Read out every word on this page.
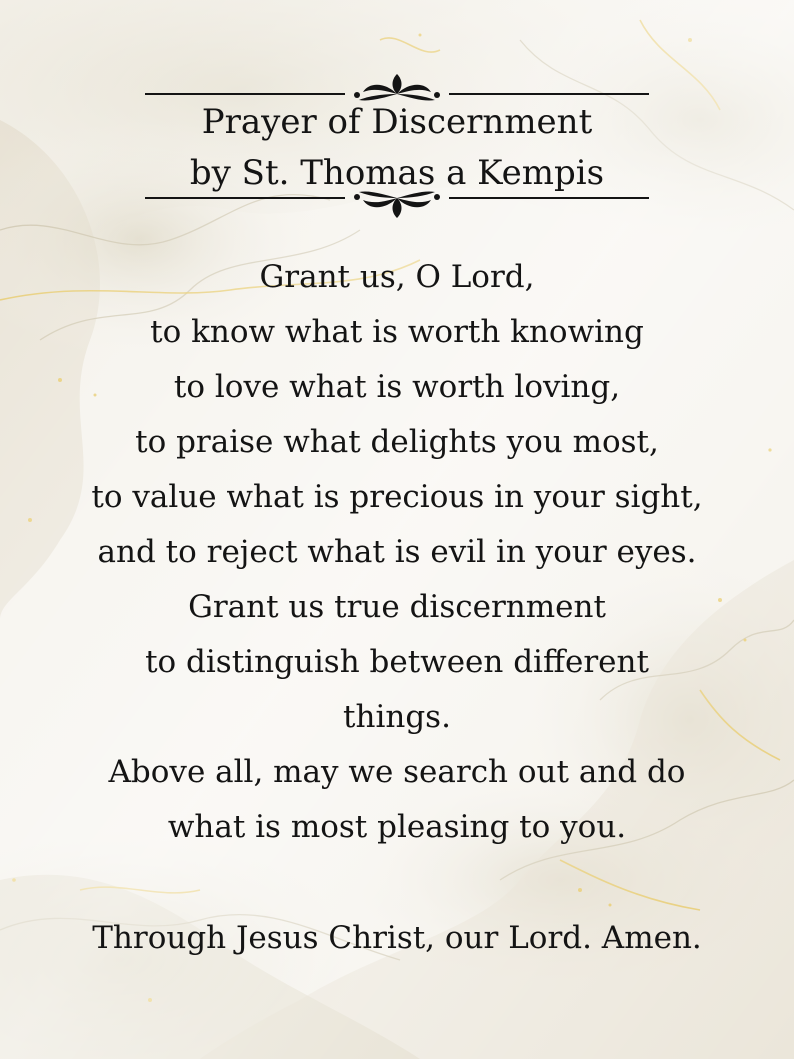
Prayer of Discernment
by St. Thomas a Kempis
Grant us, O Lord,
to know what is worth knowing
to love what is worth loving,
to praise what delights you most,
to value what is precious in your sight,
and to reject what is evil in your eyes.
Grant us true discernment
to distinguish between different
things.
Above all, may we search out and do
what is most pleasing to you.
Through Jesus Christ, our Lord. Amen.
